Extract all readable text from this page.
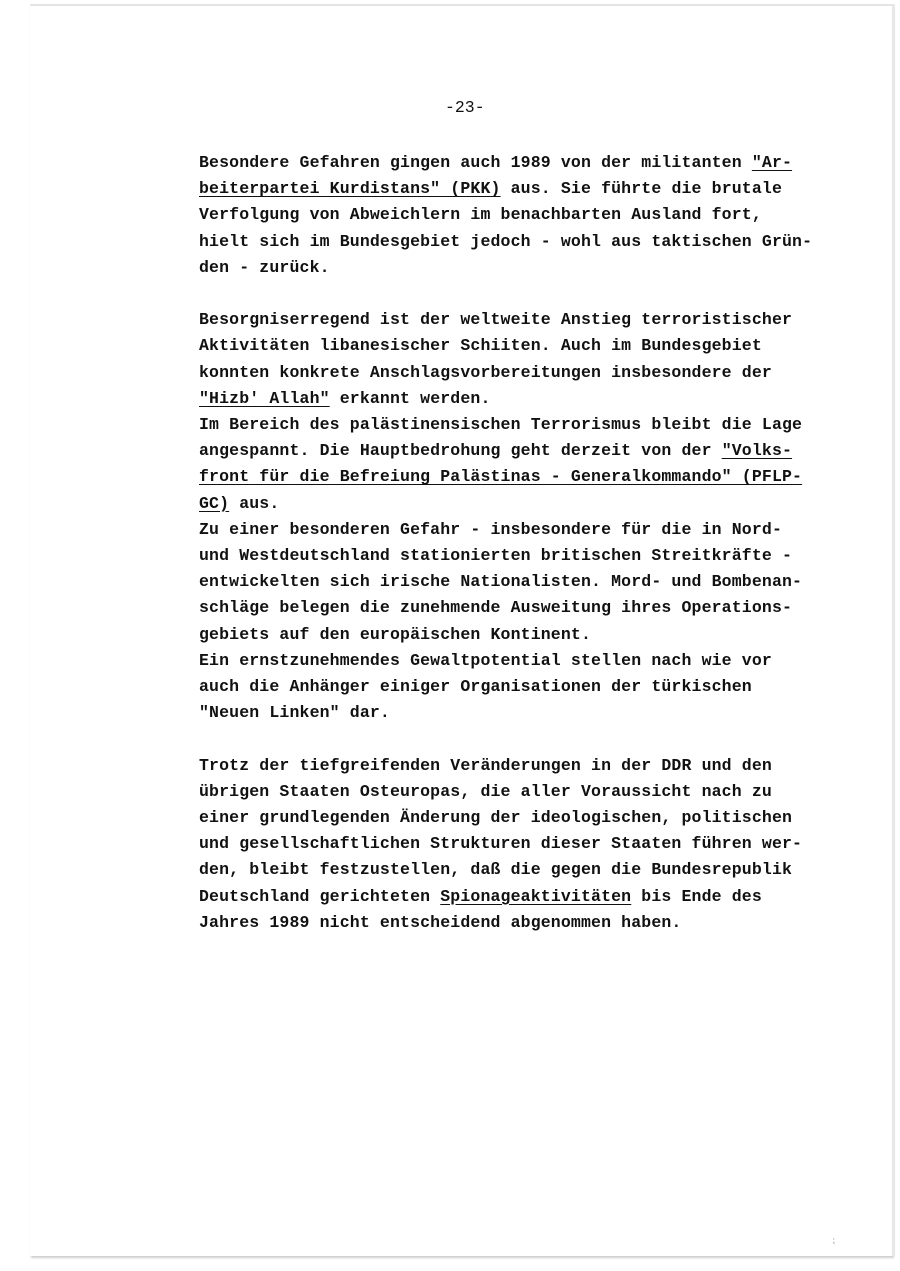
-23-
Besondere Gefahren gingen auch 1989 von der militanten "Ar-
beiterpartei Kurdistans" (PKK) aus. Sie führte die brutale
Verfolgung von Abweichlern im benachbarten Ausland fort,
hielt sich im Bundesgebiet jedoch - wohl aus taktischen Grün-
den - zurück.
Besorgniserregend ist der weltweite Anstieg terroristischer
Aktivitäten libanesischer Schiiten. Auch im Bundesgebiet
konnten konkrete Anschlagsvorbereitungen insbesondere der
"Hizb' Allah" erkannt werden.
Im Bereich des palästinensischen Terrorismus bleibt die Lage
angespannt. Die Hauptbedrohung geht derzeit von der "Volks-
front für die Befreiung Palästinas - Generalkommando" (PFLP-
GC) aus.
Zu einer besonderen Gefahr - insbesondere für die in Nord-
und Westdeutschland stationierten britischen Streitkräfte -
entwickelten sich irische Nationalisten. Mord- und Bombenan-
schläge belegen die zunehmende Ausweitung ihres Operations-
gebiets auf den europäischen Kontinent.
Ein ernstzunehmendes Gewaltpotential stellen nach wie vor
auch die Anhänger einiger Organisationen der türkischen
"Neuen Linken" dar.
Trotz der tiefgreifenden Veränderungen in der DDR und den
übrigen Staaten Osteuropas, die aller Voraussicht nach zu
einer grundlegenden Änderung der ideologischen, politischen
und gesellschaftlichen Strukturen dieser Staaten führen wer-
den, bleibt festzustellen, daß die gegen die Bundesrepublik
Deutschland gerichteten Spionageaktivitäten bis Ende des
Jahres 1989 nicht entscheidend abgenommen haben.
⁏
